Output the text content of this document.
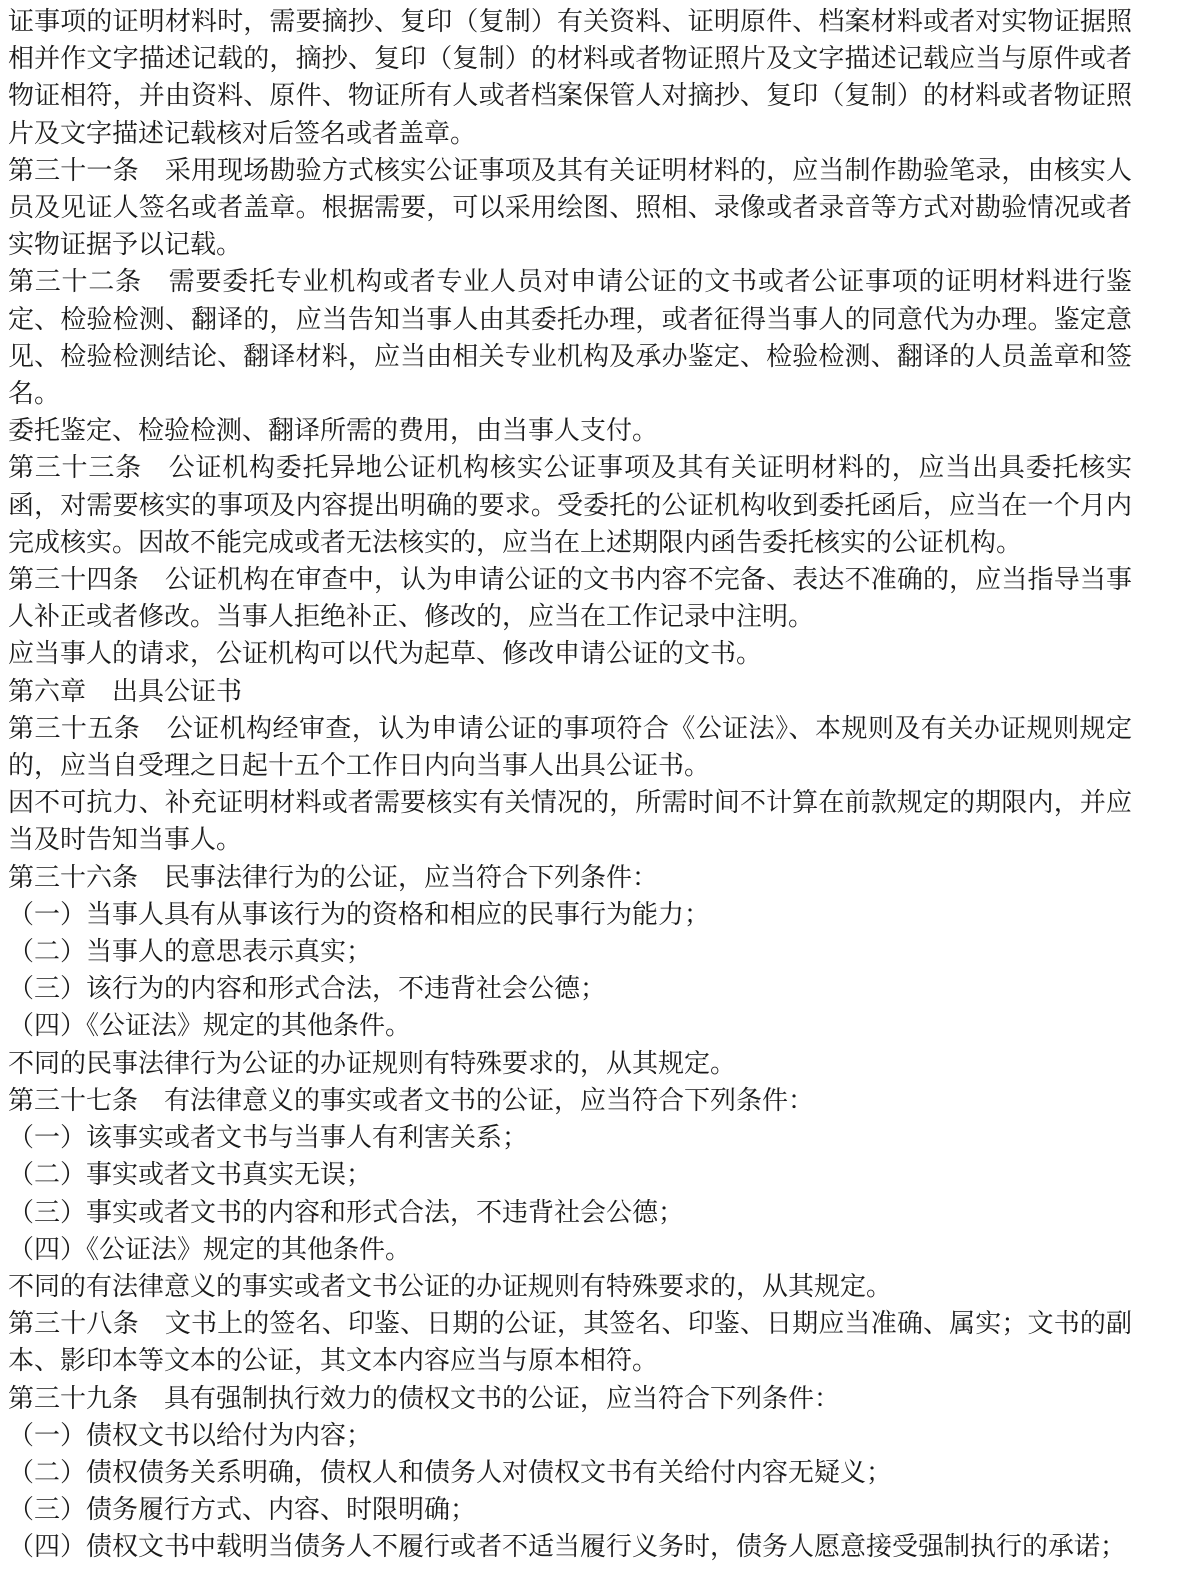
证事项的证明材料时，需要摘抄、复印（复制）有关资料、证明原件、档案材料或者对实物证据照相并作文字描述记载的，摘抄、复印（复制）的材料或者物证照片及文字描述记载应当与原件或者物证相符，并由资料、原件、物证所有人或者档案保管人对摘抄、复印（复制）的材料或者物证照片及文字描述记载核对后签名或者盖章。

第三十一条 采用现场勘验方式核实公证事项及其有关证明材料的，应当制作勘验笔录，由核实人员及见证人签名或者盖章。根据需要，可以采用绘图、照相、录像或者录音等方式对勘验情况或者实物证据予以记载。

第三十二条 需要委托专业机构或者专业人员对申请公证的文书或者公证事项的证明材料进行鉴定、检验检测、翻译的，应当告知当事人由其委托办理，或者征得当事人的同意代为办理。鉴定意见、检验检测结论、翻译材料，应当由相关专业机构及承办鉴定、检验检测、翻译的人员盖章和签名。

委托鉴定、检验检测、翻译所需的费用，由当事人支付。

第三十三条 公证机构委托异地公证机构核实公证事项及其有关证明材料的，应当出具委托核实函，对需要核实的事项及内容提出明确的要求。受委托的公证机构收到委托函后，应当在一个月内完成核实。因故不能完成或者无法核实的，应当在上述期限内函告委托核实的公证机构。

第三十四条 公证机构在审查中，认为申请公证的文书内容不完备、表达不准确的，应当指导当事人补正或者修改。当事人拒绝补正、修改的，应当在工作记录中注明。

应当事人的请求，公证机构可以代为起草、修改申请公证的文书。

第六章 出具公证书

第三十五条 公证机构经审查，认为申请公证的事项符合《公证法》、本规则及有关办证规则规定的，应当自受理之日起十五个工作日内向当事人出具公证书。

因不可抗力、补充证明材料或者需要核实有关情况的，所需时间不计算在前款规定的期限内，并应当及时告知当事人。

第三十六条 民事法律行为的公证，应当符合下列条件：

（一）当事人具有从事该行为的资格和相应的民事行为能力；

（二）当事人的意思表示真实；

（三）该行为的内容和形式合法，不违背社会公德；

（四）《公证法》规定的其他条件。

不同的民事法律行为公证的办证规则有特殊要求的，从其规定。

第三十七条 有法律意义的事实或者文书的公证，应当符合下列条件：

（一）该事实或者文书与当事人有利害关系；

（二）事实或者文书真实无误；

（三）事实或者文书的内容和形式合法，不违背社会公德；

（四）《公证法》规定的其他条件。

不同的有法律意义的事实或者文书公证的办证规则有特殊要求的，从其规定。

第三十八条 文书上的签名、印鉴、日期的公证，其签名、印鉴、日期应当准确、属实；文书的副本、影印本等文本的公证，其文本内容应当与原本相符。

第三十九条 具有强制执行效力的债权文书的公证，应当符合下列条件：

（一）债权文书以给付为内容；

（二）债权债务关系明确，债权人和债务人对债权文书有关给付内容无疑义；

（三）债务履行方式、内容、时限明确；

（四）债权文书中载明当债务人不履行或者不适当履行义务时，债务人愿意接受强制执行的承诺；
